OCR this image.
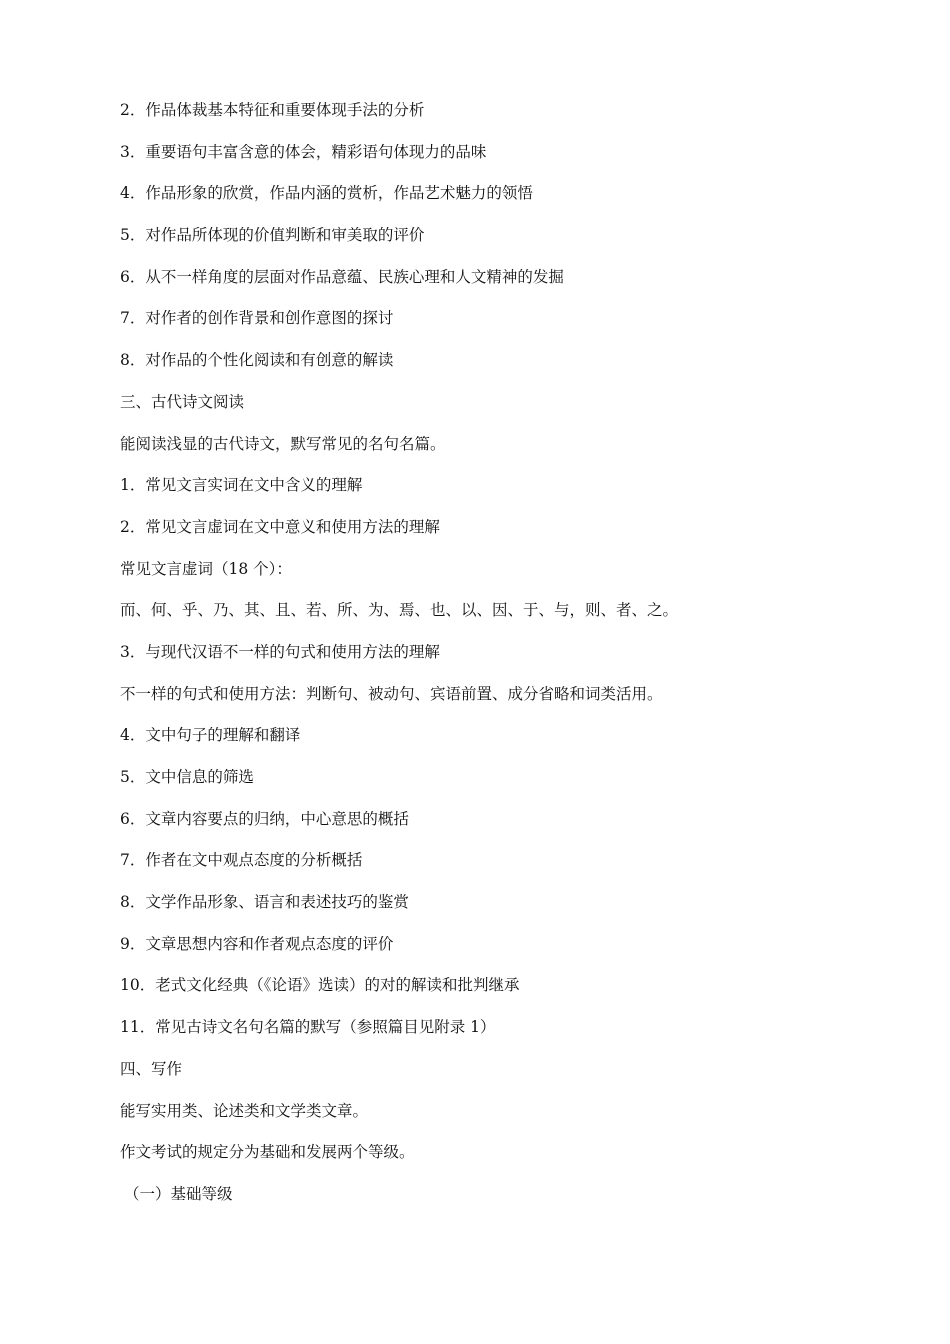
2．作品体裁基本特征和重要体现手法的分析
3．重要语句丰富含意的体会，精彩语句体现力的品味
4．作品形象的欣赏，作品内涵的赏析，作品艺术魅力的领悟
5．对作品所体现的价值判断和审美取的评价
6．从不一样角度的层面对作品意蕴、民族心理和人文精神的发掘
7．对作者的创作背景和创作意图的探讨
8．对作品的个性化阅读和有创意的解读
三、古代诗文阅读
能阅读浅显的古代诗文，默写常见的名句名篇。
1．常见文言实词在文中含义的理解
2．常见文言虚词在文中意义和使用方法的理解
常见文言虚词（18 个）：
而、何、乎、乃、其、且、若、所、为、焉、也、以、因、于、与，则、者、之。
3．与现代汉语不一样的句式和使用方法的理解
不一样的句式和使用方法：判断句、被动句、宾语前置、成分省略和词类活用。
4．文中句子的理解和翻译
5．文中信息的筛选
6．文章内容要点的归纳，中心意思的概括
7．作者在文中观点态度的分析概括
8．文学作品形象、语言和表述技巧的鉴赏
9．文章思想内容和作者观点态度的评价
10．老式文化经典（《论语》选读）的对的解读和批判继承
11．常见古诗文名句名篇的默写（参照篇目见附录 1）
四、写作
能写实用类、论述类和文学类文章。
作文考试的规定分为基础和发展两个等级。
（一）基础等级
